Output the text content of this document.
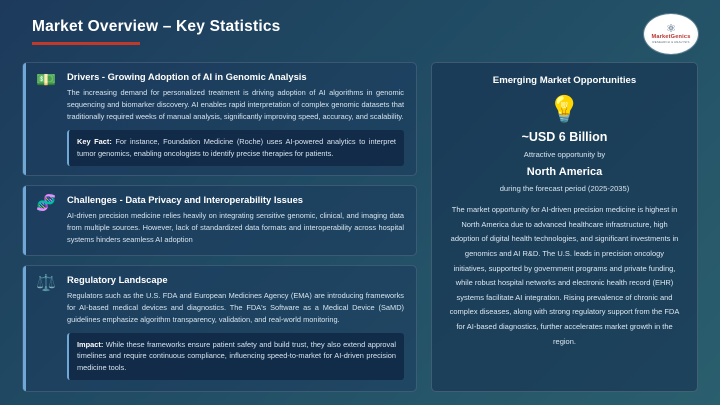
Market Overview – Key Statistics	⚛
MarketGenics
RESEARCH & ANALYSIS
💵 Drivers - Growing Adoption of AI in Genomic Analysis

The increasing demand for personalized treatment is driving adoption of AI algorithms in genomic sequencing and biomarker discovery. AI enables rapid interpretation of complex genomic datasets that traditionally required weeks of manual analysis, significantly improving speed, accuracy, and scalability.

Key Fact: For instance, Foundation Medicine (Roche) uses AI-powered analytics to interpret tumor genomics, enabling oncologists to identify precise therapies for patients.
🧬 Challenges - Data Privacy and Interoperability Issues

AI-driven precision medicine relies heavily on integrating sensitive genomic, clinical, and imaging data from multiple sources. However, lack of standardized data formats and interoperability across hospital systems hinders seamless AI adoption

⚖️ Regulatory Landscape

Regulators such as the U.S. FDA and European Medicines Agency (EMA) are introducing frameworks for AI-based medical devices and diagnostics. The FDA's Software as a Medical Device (SaMD) guidelines emphasize algorithm transparency, validation, and real-world monitoring.

Impact: While these frameworks ensure patient safety and build trust, they also extend approval timelines and require continuous compliance, influencing speed-to-market for AI-driven precision medicine tools.
Emerging Market Opportunities
💡
~USD 6 Billion
Attractive opportunity by
North America
during the forecast period (2025-2035)
The market opportunity for AI-driven precision medicine is highest in North America due to advanced healthcare infrastructure, high adoption of digital health technologies, and significant investments in genomics and AI R&D. The U.S. leads in precision oncology initiatives, supported by government programs and private funding, while robust hospital networks and electronic health record (EHR) systems facilitate AI integration. Rising prevalence of chronic and complex diseases, along with strong regulatory support from the FDA for AI-based diagnostics, further accelerates market growth in the region.
